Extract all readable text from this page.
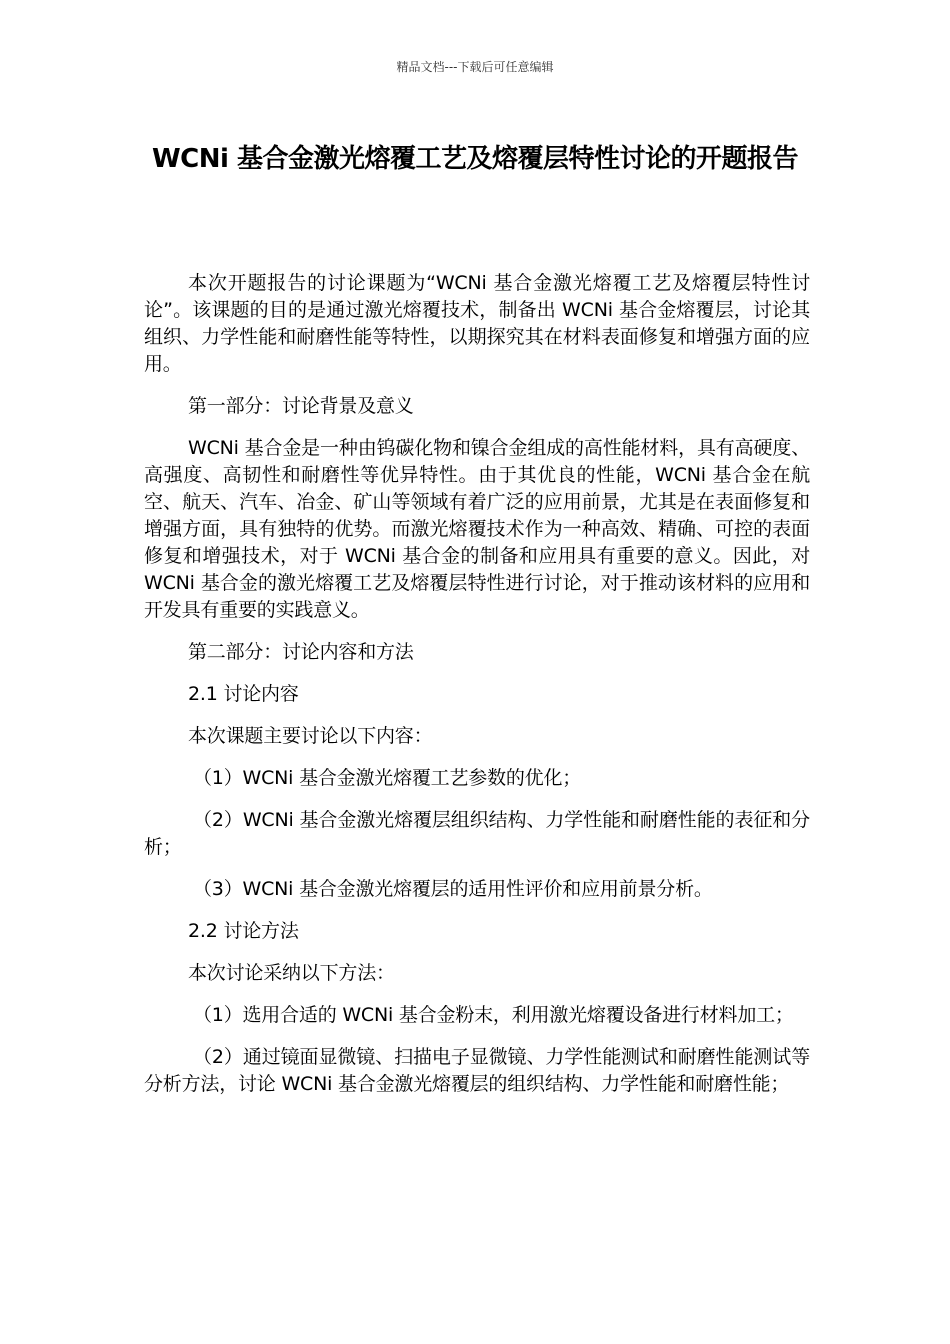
精品文档---下载后可任意编辑
WCNi 基合金激光熔覆工艺及熔覆层特性讨论的开题报告

本次开题报告的讨论课题为“WCNi 基合金激光熔覆工艺及熔覆层特性讨论”。该课题的目的是通过激光熔覆技术，制备出 WCNi 基合金熔覆层，讨论其组织、力学性能和耐磨性能等特性，以期探究其在材料表面修复和增强方面的应用。

第一部分：讨论背景及意义

WCNi 基合金是一种由钨碳化物和镍合金组成的高性能材料，具有高硬度、高强度、高韧性和耐磨性等优异特性。由于其优良的性能，WCNi 基合金在航空、航天、汽车、冶金、矿山等领域有着广泛的应用前景，尤其是在表面修复和增强方面，具有独特的优势。而激光熔覆技术作为一种高效、精确、可控的表面修复和增强技术，对于 WCNi 基合金的制备和应用具有重要的意义。因此，对 WCNi 基合金的激光熔覆工艺及熔覆层特性进行讨论，对于推动该材料的应用和开发具有重要的实践意义。

第二部分：讨论内容和方法

2.1 讨论内容

本次课题主要讨论以下内容：

（1）WCNi 基合金激光熔覆工艺参数的优化；

（2）WCNi 基合金激光熔覆层组织结构、力学性能和耐磨性能的表征和分析；

（3）WCNi 基合金激光熔覆层的适用性评价和应用前景分析。

2.2 讨论方法

本次讨论采纳以下方法：

（1）选用合适的 WCNi 基合金粉末，利用激光熔覆设备进行材料加工；

（2）通过镜面显微镜、扫描电子显微镜、力学性能测试和耐磨性能测试等分析方法，讨论 WCNi 基合金激光熔覆层的组织结构、力学性能和耐磨性能；
